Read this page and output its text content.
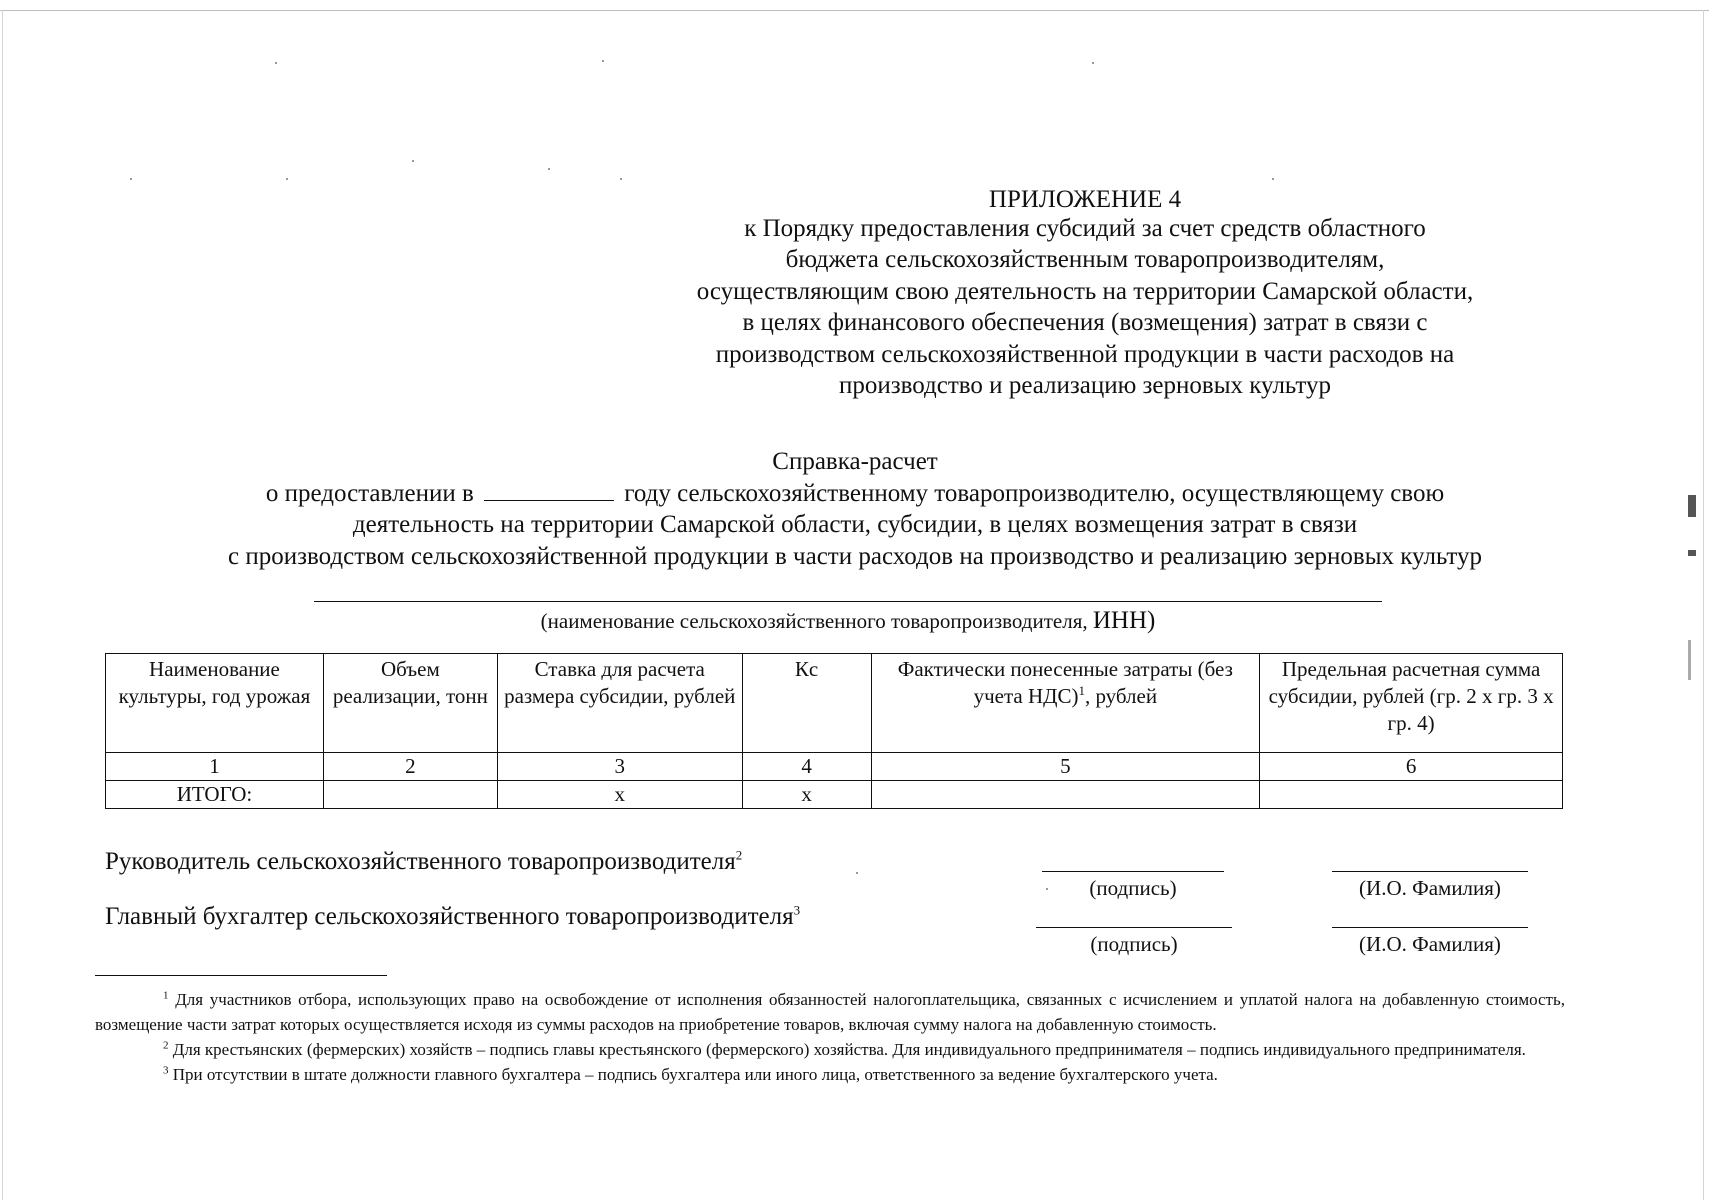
ПРИЛОЖЕНИЕ 4
к Порядку предоставления субсидий за счет средств областного
бюджета сельскохозяйственным товаропроизводителям,
осуществляющим свою деятельность на территории Самарской области,
в целях финансового обеспечения (возмещения) затрат в связи с
производством сельскохозяйственной продукции в части расходов на
производство и реализацию зерновых культур
Справка-расчет
о предоставлении в	году сельскохозяйственному товаропроизводителю, осуществляющему свою
деятельность на территории Самарской области, субсидии, в целях возмещения затрат в связи
с производством сельскохозяйственной продукции в части расходов на производство и реализацию зерновых культур
(наименование сельскохозяйственного товаропроизводителя, ИНН)
Наименование культуры, год урожая	Объем реализации, тонн	Ставка для расчета размера субсидии, рублей	Кc	Фактически понесенные затраты (без учета НДС)$^1$, рублей	Предельная расчетная сумма субсидии, рублей (гр. 2 х гр. 3 х гр. 4)
1	2	3	4	5	6
ИТОГО:		х	х		
Руководитель сельскохозяйственного товаропроизводителя$^2$
(подпись)	(И.О. Фамилия)
Главный бухгалтер сельскохозяйственного товаропроизводителя$^3$
(подпись)	(И.О. Фамилия)

$^1$ Для участников отбора, использующих право на освобождение от исполнения обязанностей налогоплательщика, связанных с исчислением и уплатой налога на добавленную стоимость, возмещение части затрат которых осуществляется исходя из суммы расходов на приобретение товаров, включая сумму налога на добавленную стоимость.

$^2$ Для крестьянских (фермерских) хозяйств – подпись главы крестьянского (фермерского) хозяйства. Для индивидуального предпринимателя – подпись индивидуального предпринимателя.

$^3$ При отсутствии в штате должности главного бухгалтера – подпись бухгалтера или иного лица, ответственного за ведение бухгалтерского учета.
